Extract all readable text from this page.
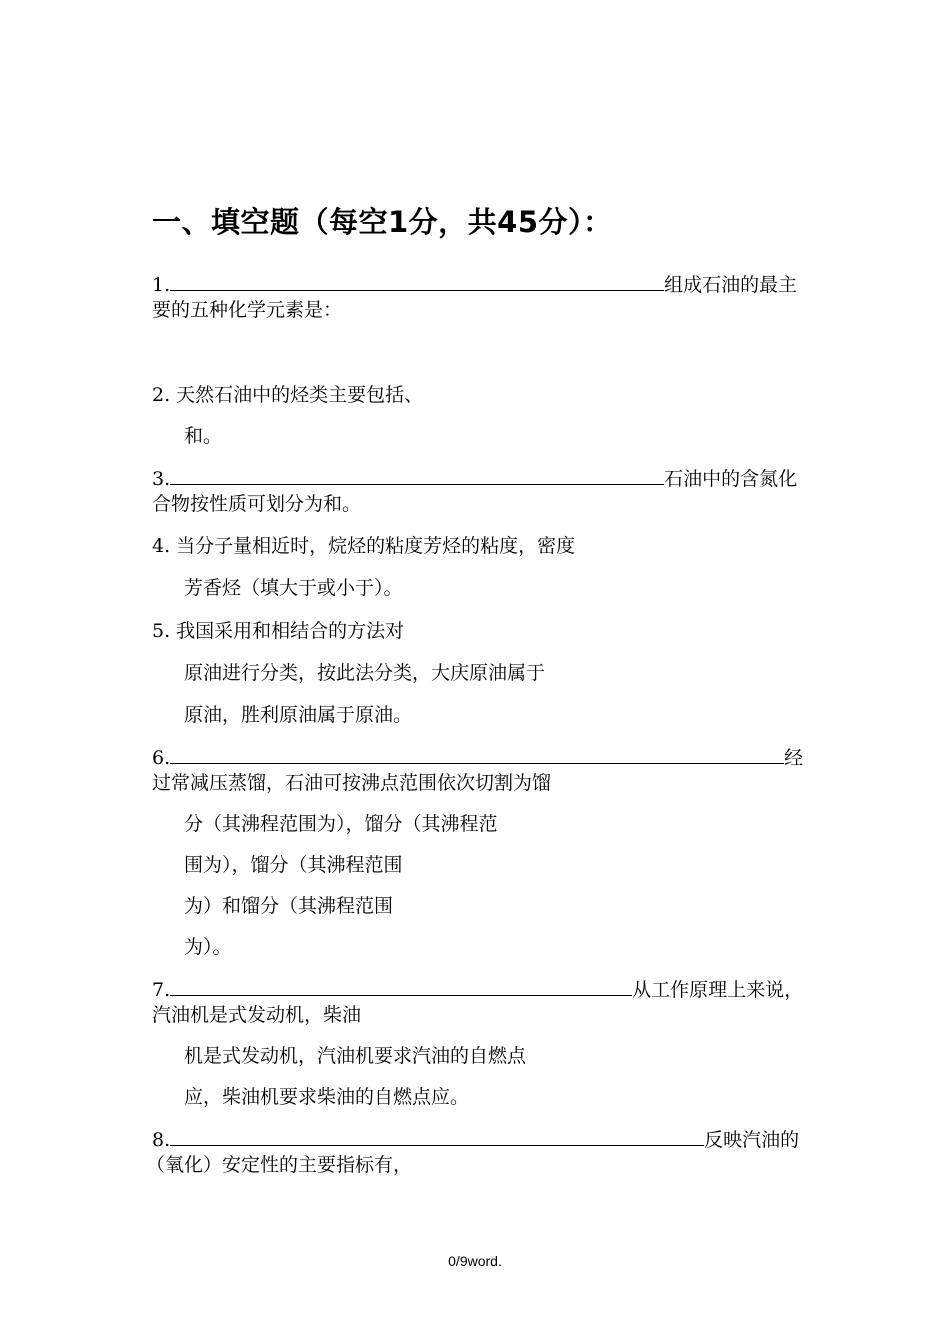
一、填空题（每空1分，共45分）：
1.	组成石油的最主
要的五种化学元素是：
2. 天然石油中的烃类主要包括、
和。
3.	石油中的含氮化
合物按性质可划分为和。
4. 当分子量相近时，烷烃的粘度芳烃的粘度，密度
芳香烃（填大于或小于）。
5. 我国采用和相结合的方法对
原油进行分类，按此法分类，大庆原油属于
原油，胜利原油属于原油。
6.	经
过常减压蒸馏，石油可按沸点范围依次切割为馏
分（其沸程范围为），馏分（其沸程范
围为），馏分（其沸程范围
为）和馏分（其沸程范围
为）。
7.	从工作原理上来说，
汽油机是式发动机，柴油
机是式发动机，汽油机要求汽油的自燃点
应，柴油机要求柴油的自燃点应。
8.	反映汽油的
（氧化）安定性的主要指标有，
0/9word.
